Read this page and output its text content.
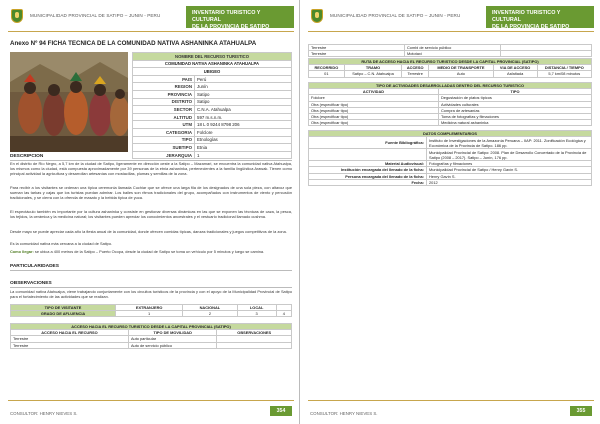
MUNICIPALIDAD PROVINCIAL DE SATIPO – JUNIN - PERU	INVENTARIO TURISTICO Y CULTURAL
DE LA PROVINCIA DE SATIPO
Anexo Nº 94 FICHA TECNICA DE LA COMUNIDAD NATIVA ASHANINKA ATAHUALPA
NOMBRE DEL RECURSO TURISTICO	
COMUNIDAD NATIVA ASHANINKA ATAHUALPA	
UBIGEO	
PAIS	Perú
REGION	Junín
PROVINCIA	Satipo
DISTRITO	Satipo
SECTOR	C.N.A. Atahualpa
ALTITUD	597 m.s.n.m.
UTM	18 L 0 9244 8798 206
CATEGORIA	Folclore
TIPO	Etnologías
SUBTIPO	Etnia
JERARQUIA	1
DESCRIPCION
En el distrito de Río Negro, a 5,7 km de la ciudad de Satipo, ligeramente en dirección oeste a la Satipo – Mazamari, se encuentra la comunidad nativa Atahualpa, los mismos como la ciudad, está compuesta aproximadamente por 39 personas de la etnia ashaninka, pertenecientes a la familia lingüística Arawak. Tienen como principal actividad la agricultura y desarrollan artesanías con mostacillas, plumas y semillas de la zona.
Para recibir a los visitantes se ordenan una típica ceremonia llamada Cuchiar que se ofrece una larga fila de los designados de una sola pieza, con altavoz que suenan las tarkas y cajas que los turistas puedan admirar. Los bailes son ritmos tradicionales del grupo, acompañados con instrumentos de viento y percusión tradicionales, y se cierra con la ofrenda de masato y la bebida típica de yuca.
El espectáculo también es importante por la cultura ashaninka y consiste en gestionar diversas dinámicas en las que se exponen las técnicas de caza, la pesca, los tejidos, la cerámica y la medicina natural; los visitantes pueden apreciar los conocimientos ancestrales y el vestuario tradicional llamado cushma.
Desde mayo se puede apreciar cada año la fiesta anual de la comunidad, donde ofrecen comidas típicas, danzas tradicionales y juegos competitivos de la zona.
Es la comunidad nativa más cercana a la ciudad de Satipo.
Como llegar: se ubica a 400 metros de la Satipo – Puerto Ocopa, desde la ciudad de Satipo se toma un vehículo por 5 minutos y luego se camina.
PARTICULARIDADES
OBSERVACIONES
La comunidad nativa Atahualpa, viene trabajando conjuntamente con los circuitos turísticos de la provincia y con el apoyo de la Municipalidad Provincial de Satipo para el fortalecimiento de las actividades que se realizan.
TIPO DE VISITANTE	EXTRANJERO	NACIONAL	LOCAL	
GRADO DE AFLUENCIA	1	2	3	4
ACCESO HACIA EL RECURSO TURISTICO DESDE LA CAPITAL PROVINCIAL (SATIPO)		
ACCESO HACIA EL RECURSO	TIPO DE MOVILIDAD	OBSERVACIONES
Terrestre	Auto particular	
Terrestre	Auto de servicio público	
CONSULTOR: HENRY NIEVES S.	354
MUNICIPALIDAD PROVINCIAL DE SATIPO – JUNIN - PERU	INVENTARIO TURISTICO Y CULTURAL
DE LA PROVINCIA DE SATIPO
Terrestre	Combi de servicio público	
Terrestre	Mototaxi	
RUTA DE ACCESO HACIA EL RECURSO TURISTICO DESDE LA CAPITAL PROVINCIAL (SATIPO)					
RECORRIDO	TRAMO	ACCESO	MEDIO DE TRANSPORTE	VIA DE ACCESO	DISTANCIA / TIEMPO
01	Satipo – C.N. Atahualpa	Terrestre	Auto	Asfaltada	5,7 km/08 minutos
TIPO DE ACTIVIDADES DESARROLLADAS DENTRO DEL RECURSO TURISTICO	
ACTIVIDAD	TIPO
Folclore	Degustación de platos típicos
Otra (especificar tipo)	Actividades culturales
Otra (especificar tipo)	Compra de artesanías
Otra (especificar tipo)	Toma de fotografías y filmaciones
Otra (especificar tipo)	Medicina natural ashaninka
DATOS COMPLEMENTARIOS	
Fuente Bibliográfica:	Instituto de Investigaciones de la Amazonía Peruana – IIAP: 2011. Zonificación Ecológica y Económica de la Provincia de Satipo. 186 pp.
	Municipalidad Provincial de Satipo: 2008. Plan de Desarrollo Concertado de la Provincia de Satipo (2008 – 2017). Satipo – Junín, 176 pp.
Material Audiovisual:	Fotografías y filmaciones
Institución encargada del llenado de la ficha:	Municipalidad Provincial de Satipo / Henry Gavín S.
Persona encargada del llenado de la ficha:	Henry Gavín S.
Fecha:	2012
CONSULTOR: HENRY NIEVES S.	355
